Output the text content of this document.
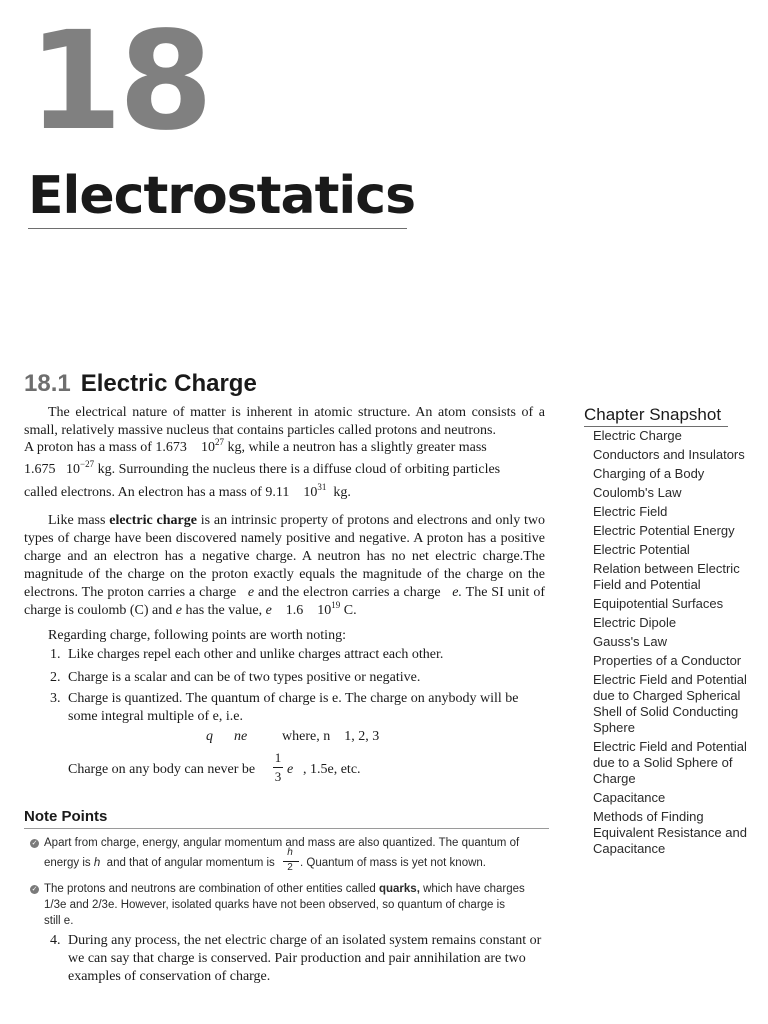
18
Electrostatics
18.1 Electric Charge

The electrical nature of matter is inherent in atomic structure. An atom consists of a small, relatively massive nucleus that contains particles called protons and neutrons.

A proton has a mass of 1.673 $10^{27}$ kg, while a neutron has a slightly greater mass
1.675 $10^{-27}$ kg. Surrounding the nucleus there is a diffuse cloud of orbiting particles
called electrons. An electron has a mass of 9.11 $10^{31}$ kg.

Like mass electric charge is an intrinsic property of protons and electrons and only two types of charge have been discovered namely positive and negative. A proton has a positive charge and an electron has a negative charge. A neutron has no net electric charge.The magnitude of the charge on the proton exactly equals the magnitude of the charge on the electrons. The proton carries a charge e and the electron carries a charge e. The SI unit of charge is coulomb (C) and e has the value, e 1.6 $10^{19}$ C.

Regarding charge, following points are worth noting:
1. Like charges repel each other and unlike charges attract each other.
2. Charge is a scalar and can be of two types positive or negative.
3. Charge is quantized. The quantum of charge is e. The charge on anybody will be some integral multiple of e, i.e.
q ne where, n 1, 2, 3
Charge on any body can never be
1
3 e , 1.5e, etc.
Note Points
✓ Apart from charge, energy, angular momentum and mass are also quantized. The quantum of
energy is h and that of angular momentum is
h
2 . Quantum of mass is yet not known.
✓ The protons and neutrons are combination of other entities called quarks, which have charges
1/3e and 2/3e. However, isolated quarks have not been observed, so quantum of charge is
still e.
4. During any process, the net electric charge of an isolated system remains constant or we can say that charge is conserved. Pair production and pair annihilation are two examples of conservation of charge.
Chapter Snapshot
Electric Charge
Conductors and Insulators
Charging of a Body
Coulomb's Law
Electric Field
Electric Potential Energy
Electric Potential
Relation between Electric Field and Potential
Equipotential Surfaces
Electric Dipole
Gauss's Law
Properties of a Conductor
Electric Field and Potential due to Charged Spherical Shell of Solid Conducting Sphere
Electric Field and Potential due to a Solid Sphere of Charge
Capacitance
Methods of Finding Equivalent Resistance and Capacitance
